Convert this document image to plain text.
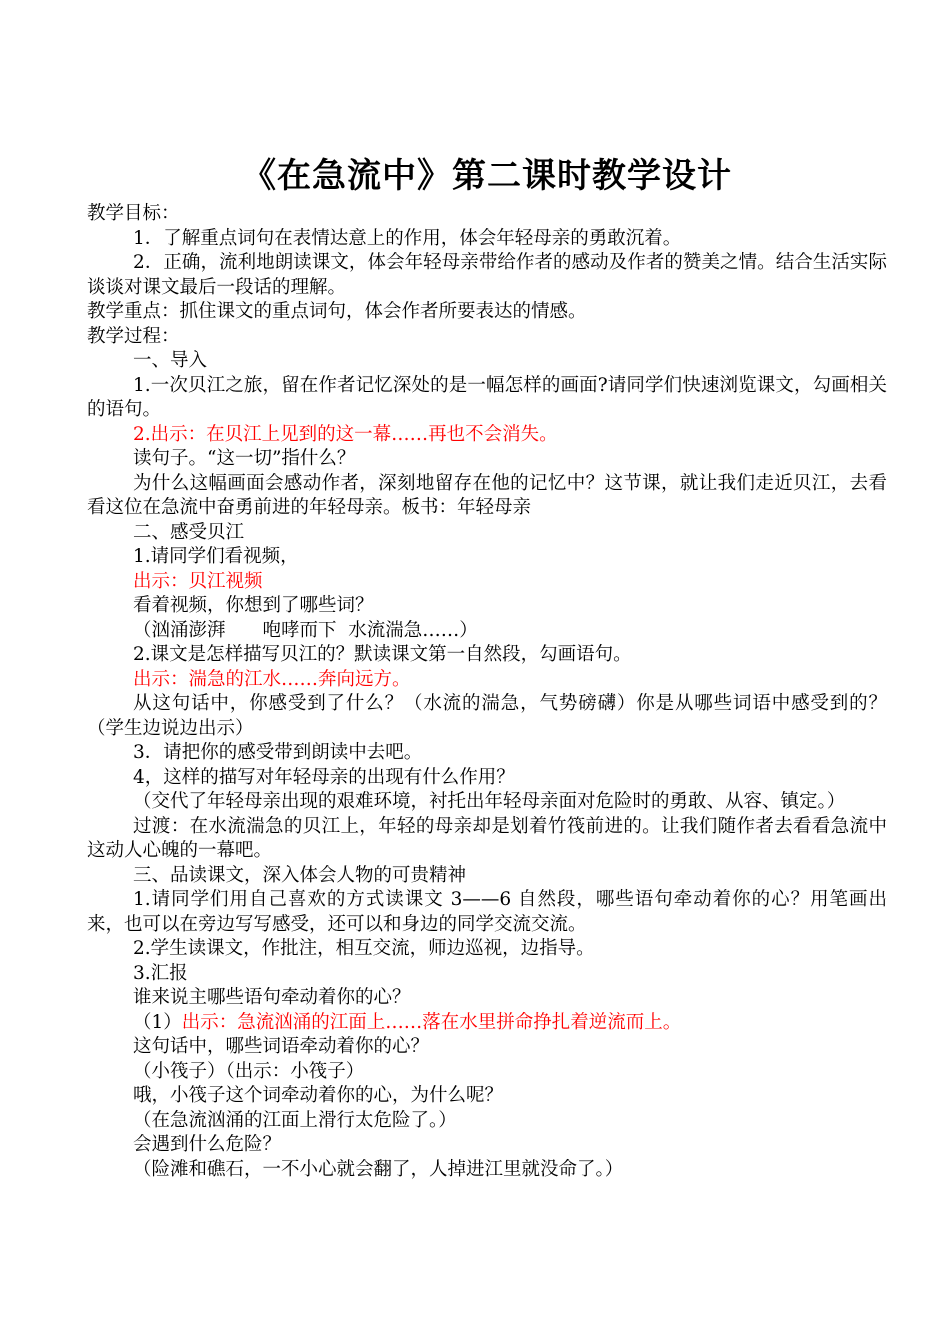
《在急流中》第二课时教学设计

教学目标：

1．了解重点词句在表情达意上的作用，体会年轻母亲的勇敢沉着。

2．正确，流利地朗读课文，体会年轻母亲带给作者的感动及作者的赞美之情。结合生活实际谈谈对课文最后一段话的理解。

教学重点：抓住课文的重点词句，体会作者所要表达的情感。

教学过程：

一、导入

1.一次贝江之旅，留在作者记忆深处的是一幅怎样的画面?请同学们快速浏览课文，勾画相关的语句。

2.出示：在贝江上见到的这一幕……再也不会消失。

读句子。“这一切”指什么？

为什么这幅画面会感动作者，深刻地留存在他的记忆中？这节课，就让我们走近贝江，去看看这位在急流中奋勇前进的年轻母亲。板书：年轻母亲

二、感受贝江

1.请同学们看视频，

出示：贝江视频

看着视频，你想到了哪些词？

（汹涌澎湃　　咆哮而下  水流湍急……）

2.课文是怎样描写贝江的？默读课文第一自然段，勾画语句。

出示：湍急的江水……奔向远方。

从这句话中，你感受到了什么？（水流的湍急，气势磅礴）你是从哪些词语中感受到的？（学生边说边出示）

3．请把你的感受带到朗读中去吧。

4，这样的描写对年轻母亲的出现有什么作用？

（交代了年轻母亲出现的艰难环境，衬托出年轻母亲面对危险时的勇敢、从容、镇定。）

过渡：在水流湍急的贝江上，年轻的母亲却是划着竹筏前进的。让我们随作者去看看急流中这动人心魄的一幕吧。

三、品读课文，深入体会人物的可贵精神

1.请同学们用自己喜欢的方式读课文 3——6 自然段，哪些语句牵动着你的心？用笔画出来，也可以在旁边写写感受，还可以和身边的同学交流交流。

2.学生读课文，作批注，相互交流，师边巡视，边指导。

3.汇报

谁来说主哪些语句牵动着你的心？

（1）出示：急流汹涌的江面上……落在水里拼命挣扎着逆流而上。

这句话中，哪些词语牵动着你的心？

（小筏子）（出示：小筏子）

哦，小筏子这个词牵动着你的心，为什么呢？

（在急流汹涌的江面上滑行太危险了。）

会遇到什么危险？

（险滩和礁石，一不小心就会翻了，人掉进江里就没命了。）
